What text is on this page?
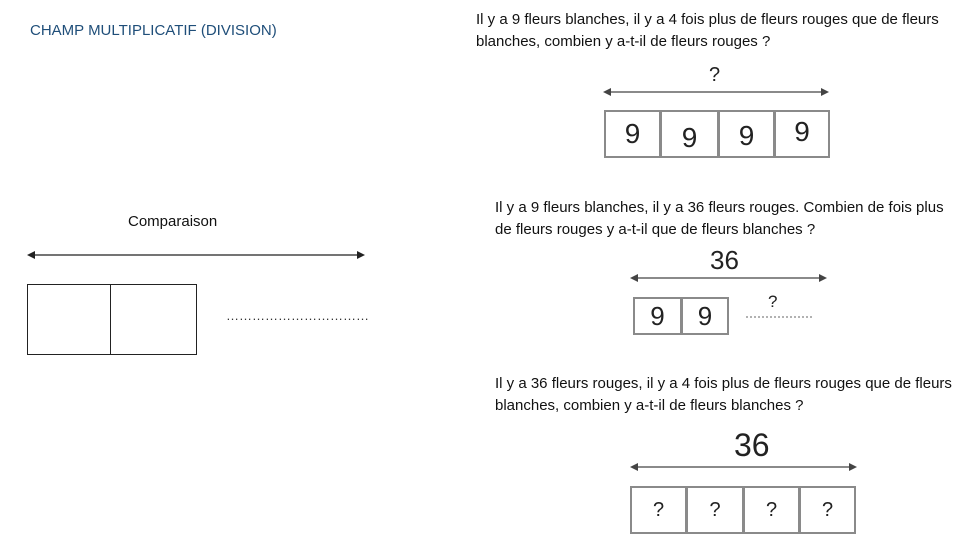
CHAMP MULTIPLICATIF (DIVISION)
Comparaison
……………………………
Il y a 9 fleurs blanches, il y a 4 fois plus de fleurs rouges que de fleurs blanches, combien y a-t-il de fleurs rouges ?
?
9	9	9	9
Il y a 9 fleurs blanches, il y a 36 fleurs rouges. Combien de fois plus de fleurs rouges y a-t-il que de fleurs blanches ?
36
9	9	?
Il y a 36 fleurs rouges, il y a 4 fois plus de fleurs rouges que de fleurs blanches, combien y a-t-il de fleurs blanches ?
36
?	?	?	?
